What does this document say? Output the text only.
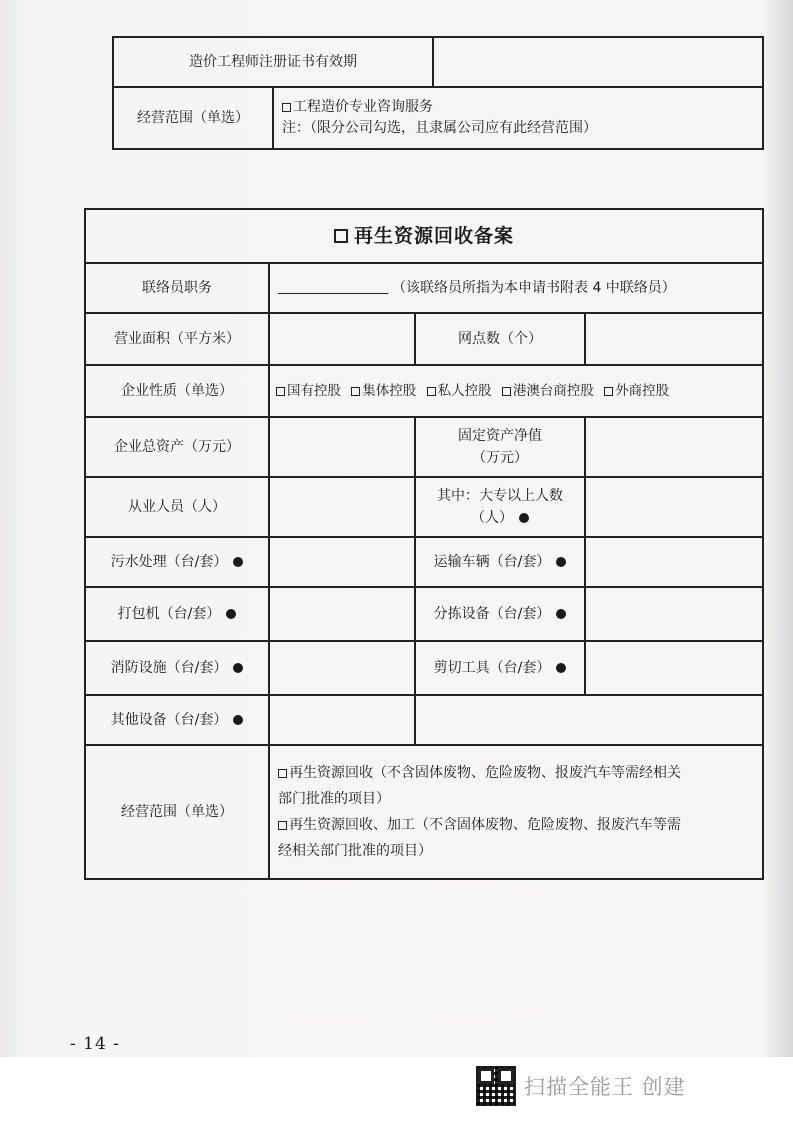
造价工程师注册证书有效期		
经营范围（单选）	工程造价专业咨询服务
注：（限分公司勾选，且隶属公司应有此经营范围）	
再生资源回收备案			
联络员职务	（该联络员所指为本申请书附表 4 中联络员）		
营业面积（平方米）		网点数（个）	
企业性质（单选）	国有控股 集体控股 私人控股 港澳台商控股 外商控股		
企业总资产（万元）		固定资产净值
（万元）	

从业人员（人）		其中：大专以上人数
（人）	

污水处理（台/套）		运输车辆（台/套）	
打包机（台/套）		分拣设备（台/套）	
消防设施（台/套）		剪切工具（台/套）	
其他设备（台/套）			
经营范围（单选）	再生资源回收（不含固体废物、危险废物、报废汽车等需经相关
部门批准的项目）
再生资源回收、加工（不含固体废物、危险废物、报废汽车等需
经相关部门批准的项目）		
- 14 -
扫描全能王 创建
